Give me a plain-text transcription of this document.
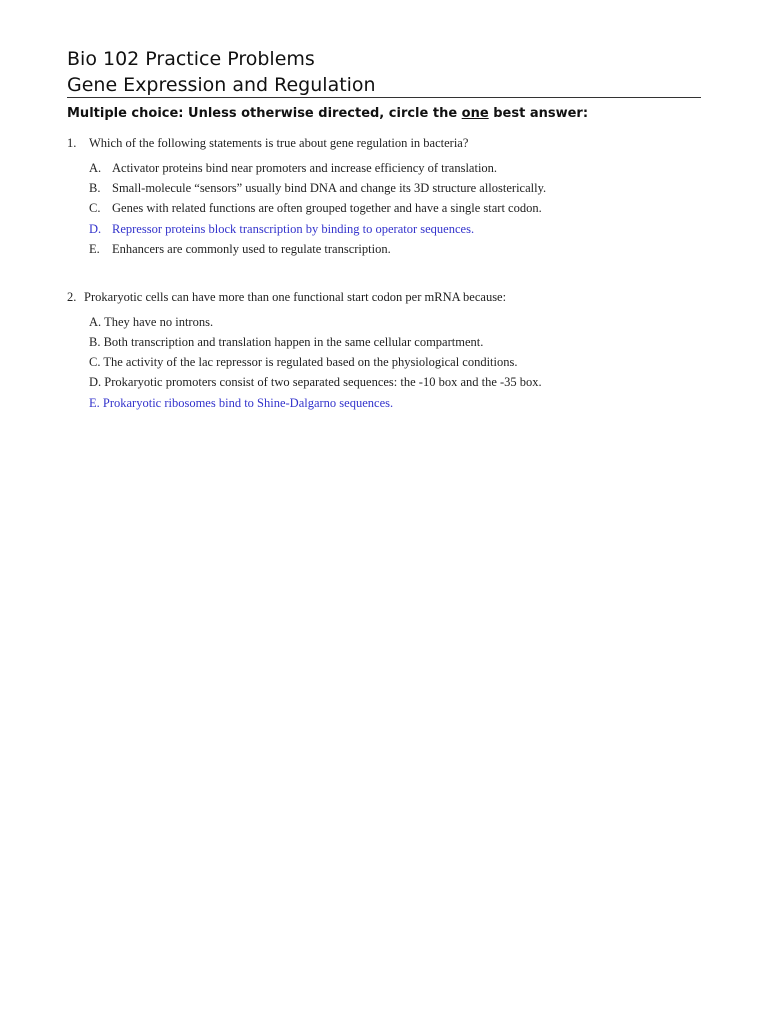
Bio 102 Practice Problems
Gene Expression and Regulation
Multiple choice: Unless otherwise directed, circle the one best answer:
1. Which of the following statements is true about gene regulation in bacteria?
A. Activator proteins bind near promoters and increase efficiency of translation.
B. Small-molecule “sensors” usually bind DNA and change its 3D structure allosterically.
C. Genes with related functions are often grouped together and have a single start codon.
D. Repressor proteins block transcription by binding to operator sequences.
E. Enhancers are commonly used to regulate transcription.
2. Prokaryotic cells can have more than one functional start codon per mRNA because:
A. They have no introns.
B. Both transcription and translation happen in the same cellular compartment.
C. The activity of the lac repressor is regulated based on the physiological conditions.
D. Prokaryotic promoters consist of two separated sequences: the -10 box and the -35 box.
E. Prokaryotic ribosomes bind to Shine-Dalgarno sequences.
